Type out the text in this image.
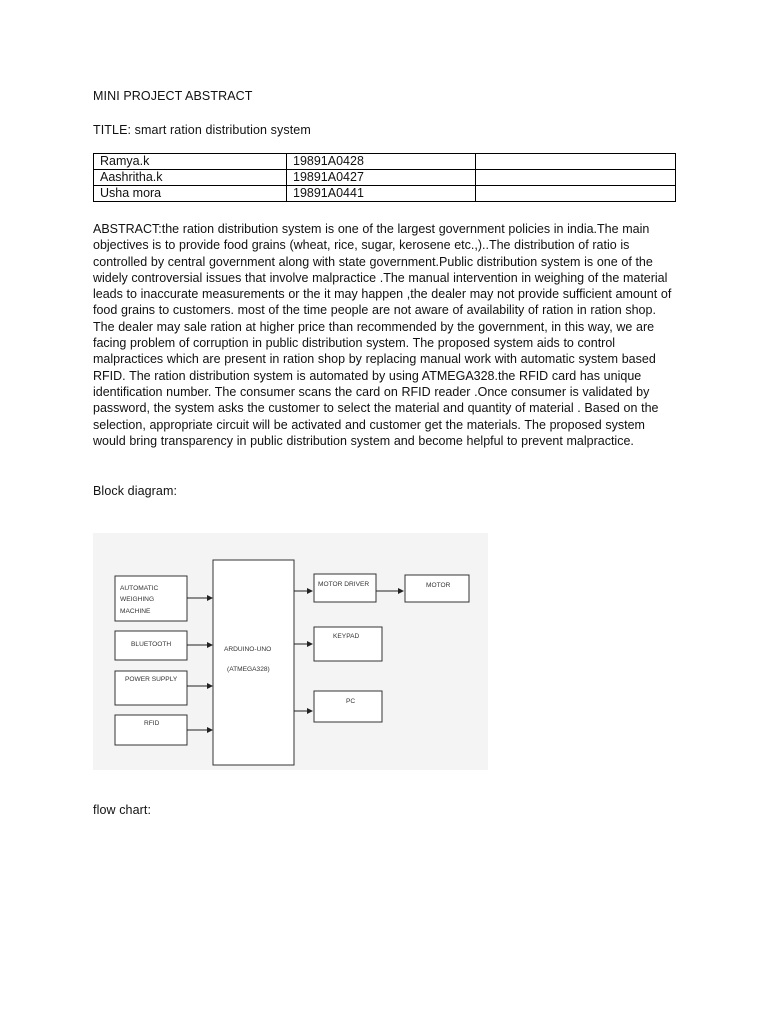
MINI PROJECT ABSTRACT
TITLE: smart ration distribution system
Ramya.k	19891A0428	
Aashritha.k	19891A0427	
Usha mora	19891A0441	

ABSTRACT:the ration distribution system is one of the largest government policies in india.The main objectives is to provide food grains (wheat, rice, sugar, kerosene etc.,)..The distribution of ratio is controlled by central government along with state government.Public distribution system is one of the widely controversial issues that involve malpractice .The manual intervention in weighing of the material leads to inaccurate measurements or the it may happen ,the dealer may not provide sufficient amount of food grains to customers. most of the time people are not aware of availability of ration in ration shop. The dealer may sale ration at higher price than recommended by the government, in this way, we are facing problem of corruption in public distribution system. The proposed system aids to control malpractices which are present in ration shop by replacing manual work with automatic system based RFID. The ration distribution system is automated by using ATMEGA328.the RFID card has unique identification number. The consumer scans the card on RFID reader .Once consumer is validated by password, the system asks the customer to select the material and quantity of material . Based on the selection, appropriate circuit will be activated and customer get the materials. The proposed system would bring transparency in public distribution system and become helpful to prevent malpractice.

Block diagram:
AUTOMATIC
WEIGHING
MACHINE
BLUETOOTH
POWER SUPPLY
RFID
ARDUINO-UNO
(ATMEGA328)
MOTOR DRIVER	MOTOR
KEYPAD
PC
flow chart:
